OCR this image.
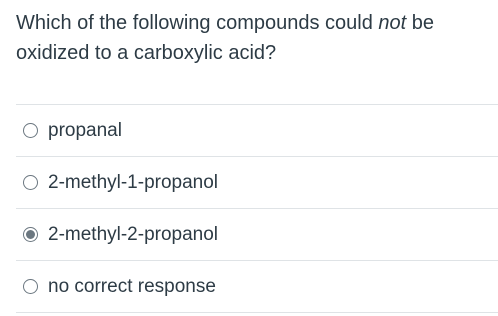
Which of the following compounds could not be oxidized to a carboxylic acid?
propanal
2-methyl-1-propanol
2-methyl-2-propanol
no correct response
